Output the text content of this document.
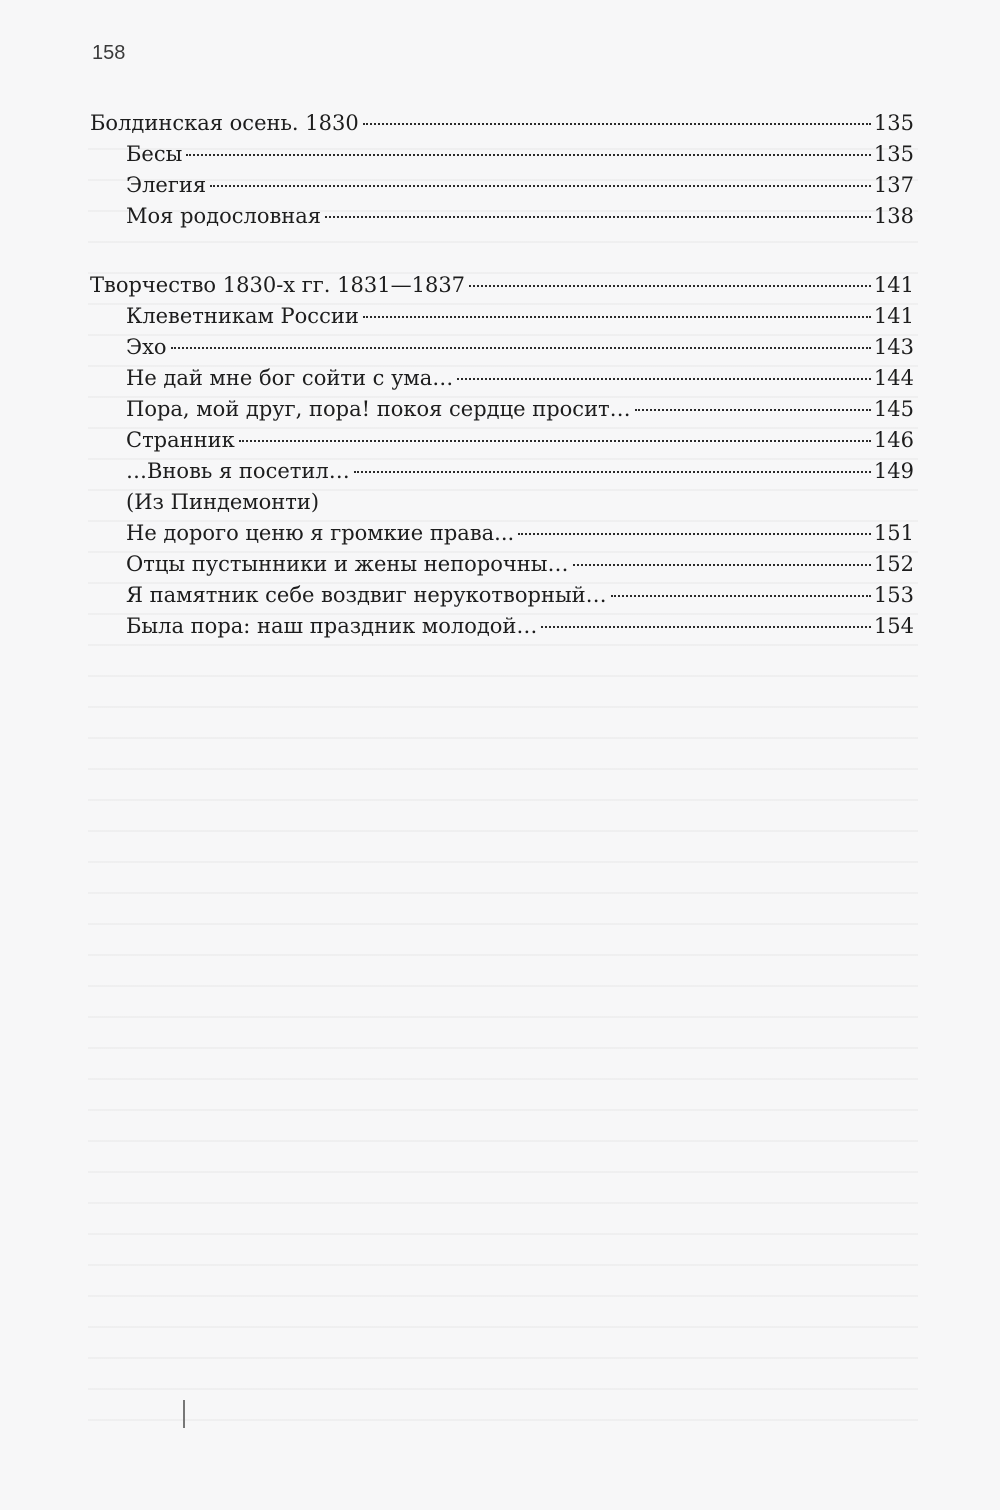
158
Болдинская осень. 1830	135
Бесы	135
Элегия	137
Моя родословная	138
Творчество 1830-х гг. 1831—1837	141
Клеветникам России	141
Эхо	143
Не дай мне бог сойти с ума…	144
Пора, мой друг, пора! покоя сердце просит…	145
Странник	146
…Вновь я посетил…	149
(Из Пиндемонти)
Не дорого ценю я громкие права...	151
Отцы пустынники и жены непорочны…	152
Я памятник себе воздвиг нерукотворный…	153
Была пора: наш праздник молодой…	154
